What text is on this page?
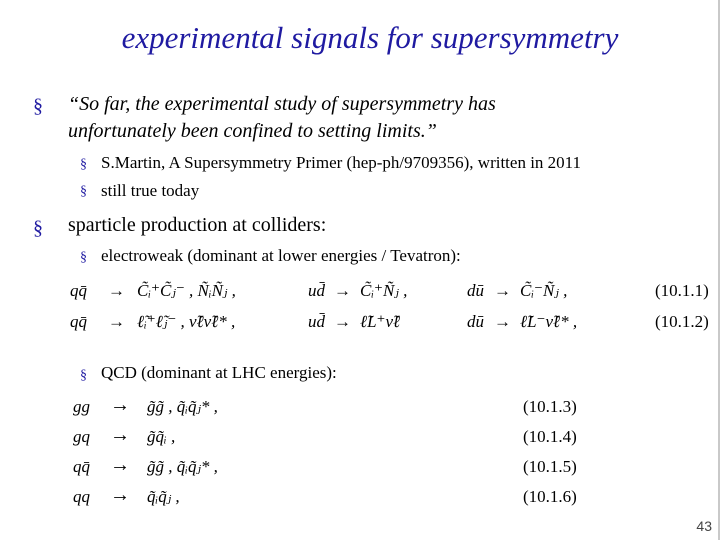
experimental signals for supersymmetry
§ “So far, the experimental study of supersymmetry has
unfortunately been confined to setting limits.”
§ S.Martin, A Supersymmetry Primer (hep-ph/9709356), written in 2011
§ still true today
§ sparticle production at colliders:
§ electroweak (dominant at lower energies / Tevatron):
qq̄ → C̃ᵢ⁺C̃ⱼ⁻ , ÑᵢÑⱼ ,	ud̄ → C̃ᵢ⁺Ñⱼ ,	dū → C̃ᵢ⁻Ñⱼ ,	(10.1.1)
qq̄ → ℓ̃ᵢ⁺ℓ̃ⱼ⁻ , ν̃ℓν̃ℓ* ,	ud̄ → ℓ̃L⁺ν̃ℓ	dū → ℓ̃L⁻ν̃ℓ* ,	(10.1.2)
§ QCD (dominant at LHC energies):
gg → g̃g̃ , q̃ᵢq̃ⱼ* ,	(10.1.3)
gq → g̃q̃ᵢ ,	(10.1.4)
qq̄ → g̃g̃ , q̃ᵢq̃ⱼ* ,	(10.1.5)
qq → q̃ᵢq̃ⱼ ,	(10.1.6)
43
